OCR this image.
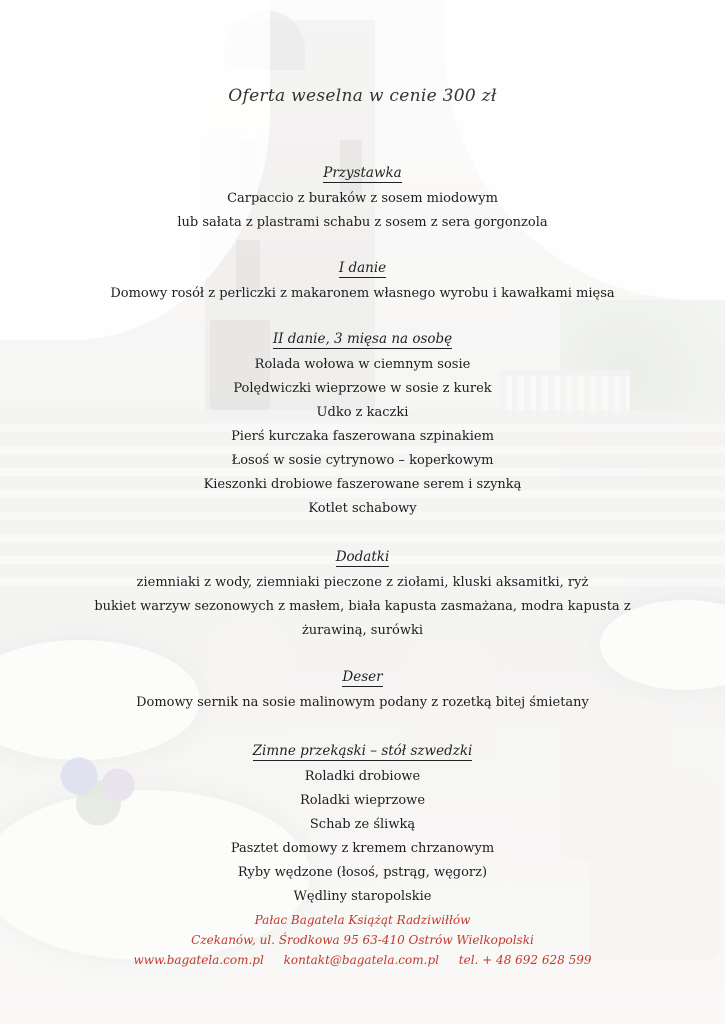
Oferta weselna w cenie 300 zł
Przystawka
Carpaccio z buraków z sosem miodowym
lub sałata z plastrami schabu z sosem z sera gorgonzola
I danie
Domowy rosół z perliczki z makaronem własnego wyrobu i kawałkami mięsa
II danie, 3 mięsa na osobę
Rolada wołowa w ciemnym sosie
Polędwiczki wieprzowe w sosie z kurek
Udko z kaczki
Pierś kurczaka faszerowana szpinakiem
Łosoś w sosie cytrynowo – koperkowym
Kieszonki drobiowe faszerowane serem i szynką
Kotlet schabowy
Dodatki
ziemniaki z wody, ziemniaki pieczone z ziołami, kluski aksamitki, ryż
bukiet warzyw sezonowych z masłem, biała kapusta zasmażana, modra kapusta z żurawiną, surówki
Deser
Domowy sernik na sosie malinowym podany z rozetką bitej śmietany
Zimne przekąski – stół szwedzki
Roladki drobiowe
Roladki wieprzowe
Schab ze śliwką
Pasztet domowy z kremem chrzanowym
Ryby wędzone (łosoś, pstrąg, węgorz)
Wędliny staropolskie
Pałac Bagatela Książąt Radziwiłłów
Czekanów, ul. Środkowa 95 63-410 Ostrów Wielkopolski
www.bagatela.com.pl kontakt@bagatela.com.pl tel. + 48 692 628 599
